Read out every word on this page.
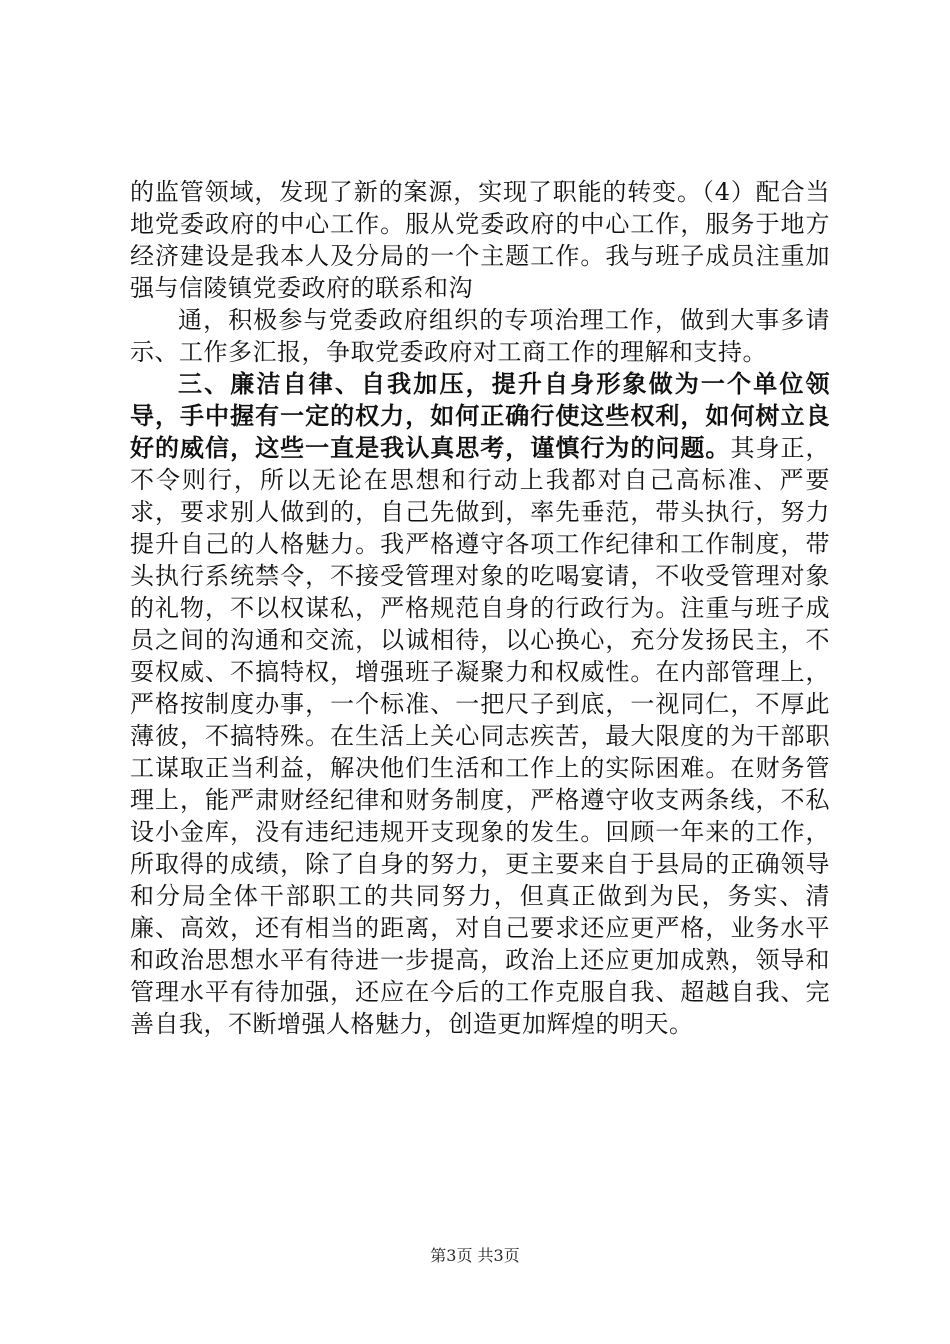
的监管领域，发现了新的案源，实现了职能的转变。（4）配合当地党委政府的中心工作。服从党委政府的中心工作，服务于地方经济建设是我本人及分局的一个主题工作。我与班子成员注重加强与信陵镇党委政府的联系和沟

通，积极参与党委政府组织的专项治理工作，做到大事多请示、工作多汇报，争取党委政府对工商工作的理解和支持。

三、廉洁自律、自我加压，提升自身形象做为一个单位领导，手中握有一定的权力，如何正确行使这些权利，如何树立良好的威信，这些一直是我认真思考，谨慎行为的问题。其身正，不令则行，所以无论在思想和行动上我都对自己高标准、严要求，要求别人做到的，自己先做到，率先垂范，带头执行，努力提升自己的人格魅力。我严格遵守各项工作纪律和工作制度，带头执行系统禁令，不接受管理对象的吃喝宴请，不收受管理对象的礼物，不以权谋私，严格规范自身的行政行为。注重与班子成员之间的沟通和交流，以诚相待，以心换心，充分发扬民主，不耍权威、不搞特权，增强班子凝聚力和权威性。在内部管理上，严格按制度办事，一个标准、一把尺子到底，一视同仁，不厚此薄彼，不搞特殊。在生活上关心同志疾苦，最大限度的为干部职工谋取正当利益，解决他们生活和工作上的实际困难。在财务管理上，能严肃财经纪律和财务制度，严格遵守收支两条线，不私设小金库，没有违纪违规开支现象的发生。回顾一年来的工作，所取得的成绩，除了自身的努力，更主要来自于县局的正确领导和分局全体干部职工的共同努力，但真正做到为民，务实、清廉、高效，还有相当的距离，对自己要求还应更严格，业务水平和政治思想水平有待进一步提高，政治上还应更加成熟，领导和管理水平有待加强，还应在今后的工作克服自我、超越自我、完善自我，不断增强人格魅力，创造更加辉煌的明天。

第3页 共3页
